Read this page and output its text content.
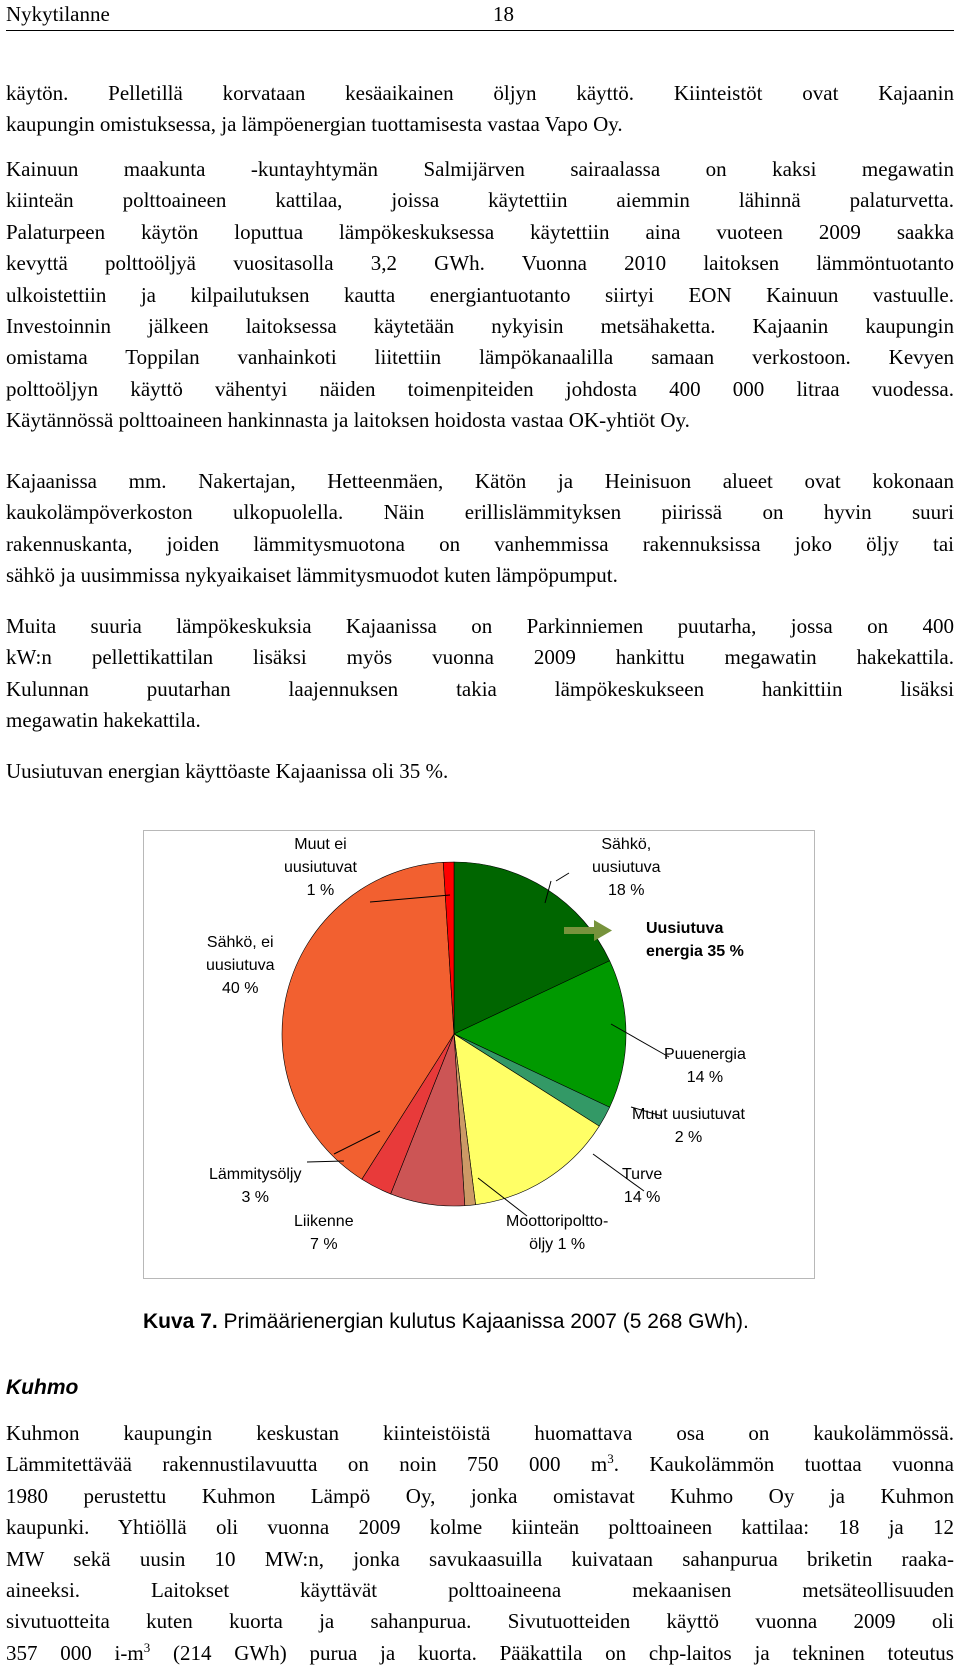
Nykytilanne	18
käytön. Pelletillä korvataan kesäaikainen öljyn käyttö. Kiinteistöt ovat Kajaanin
kaupungin omistuksessa, ja lämpöenergian tuottamisesta vastaa Vapo Oy.
Kainuun maakunta -kuntayhtymän Salmijärven sairaalassa on kaksi megawatin
kiinteän polttoaineen kattilaa, joissa käytettiin aiemmin lähinnä palaturvetta.
Palaturpeen käytön loputtua lämpökeskuksessa käytettiin aina vuoteen 2009 saakka
kevyttä polttoöljyä vuositasolla 3,2 GWh. Vuonna 2010 laitoksen lämmöntuotanto
ulkoistettiin ja kilpailutuksen kautta energiantuotanto siirtyi EON Kainuun vastuulle.
Investoinnin jälkeen laitoksessa käytetään nykyisin metsähaketta. Kajaanin kaupungin
omistama Toppilan vanhainkoti liitettiin lämpökanaalilla samaan verkostoon. Kevyen
polttoöljyn käyttö vähentyi näiden toimenpiteiden johdosta 400 000 litraa vuodessa.
Käytännössä polttoaineen hankinnasta ja laitoksen hoidosta vastaa OK-yhtiöt Oy.
Kajaanissa mm. Nakertajan, Hetteenmäen, Kätön ja Heinisuon alueet ovat kokonaan
kaukolämpöverkoston ulkopuolella. Näin erillislämmityksen piirissä on hyvin suuri
rakennuskanta, joiden lämmitysmuotona on vanhemmissa rakennuksissa joko öljy tai
sähkö ja uusimmissa nykyaikaiset lämmitysmuodot kuten lämpöpumput.
Muita suuria lämpökeskuksia Kajaanissa on Parkinniemen puutarha, jossa on 400
kW:n pellettikattilan lisäksi myös vuonna 2009 hankittu megawatin hakekattila.
Kulunnan puutarhan laajennuksen takia lämpökeskukseen hankittiin lisäksi
megawatin hakekattila.
Uusiutuvan energian käyttöaste Kajaanissa oli 35 %.
Muut ei
uusiutuvat
1 %
Sähkö,
uusiutuva
18 %
Uusiutuva
energia 35 %
Sähkö, ei
uusiutuva
40 %
Puuenergia
14 %
Muut uusiutuvat
2 %
Turve
14 %
Lämmitysöljy
3 %
Liikenne
7 %
Moottoripoltto-
öljy 1 %
Kuva 7. Primäärienergian kulutus Kajaanissa 2007 (5 268 GWh).
Kuhmo
Kuhmon kaupungin keskustan kiinteistöistä huomattava osa on kaukolämmössä.
Lämmitettävää rakennustilavuutta on noin 750 000 $m^3$. Kaukolämmön tuottaa vuonna
1980 perustettu Kuhmon Lämpö Oy, jonka omistavat Kuhmo Oy ja Kuhmon
kaupunki. Yhtiöllä oli vuonna 2009 kolme kiinteän polttoaineen kattilaa: 18 ja 12
MW sekä uusin 10 MW:n, jonka savukaasuilla kuivataan sahanpurua briketin raaka-
aineeksi. Laitokset käyttävät polttoaineena mekaanisen metsäteollisuuden
sivutuotteita kuten kuorta ja sahanpurua. Sivutuotteiden käyttö vuonna 2009 oli
357 000 $i-m^3$ (214 GWh) purua ja kuorta. Pääkattila on chp-laitos ja tekninen toteutus
